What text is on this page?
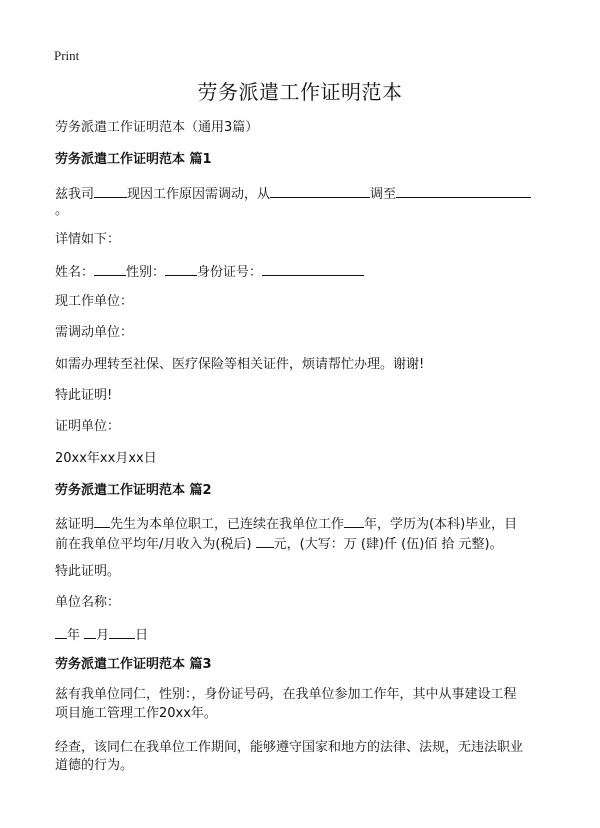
Print
劳务派遣工作证明范本

劳务派遣工作证明范本（通用3篇）

劳务派遣工作证明范本 篇1

兹我司	现因工作原因需调动，从	调至

。

详情如下：

姓名： 性别： 身份证号：

现工作单位：

需调动单位：

如需办理转至社保、医疗保险等相关证件，烦请帮忙办理。谢谢!

特此证明!

证明单位：

20xx年xx月xx日

劳务派遣工作证明范本 篇2

兹证明 先生为本单位职工，已连续在我单位工作 年，学历为(本科)毕业，目

前在我单位平均年/月收入为(税后) 元，(大写：万 (肆)仟 (伍)佰 拾 元整)。

特此证明。

单位名称：

年 月 日

劳务派遣工作证明范本 篇3

兹有我单位同仁，性别：，身份证号码，在我单位参加工作年，其中从事建设工程

项目施工管理工作20xx年。

经查，该同仁在我单位工作期间，能够遵守国家和地方的法律、法规，无违法职业

道德的行为。
